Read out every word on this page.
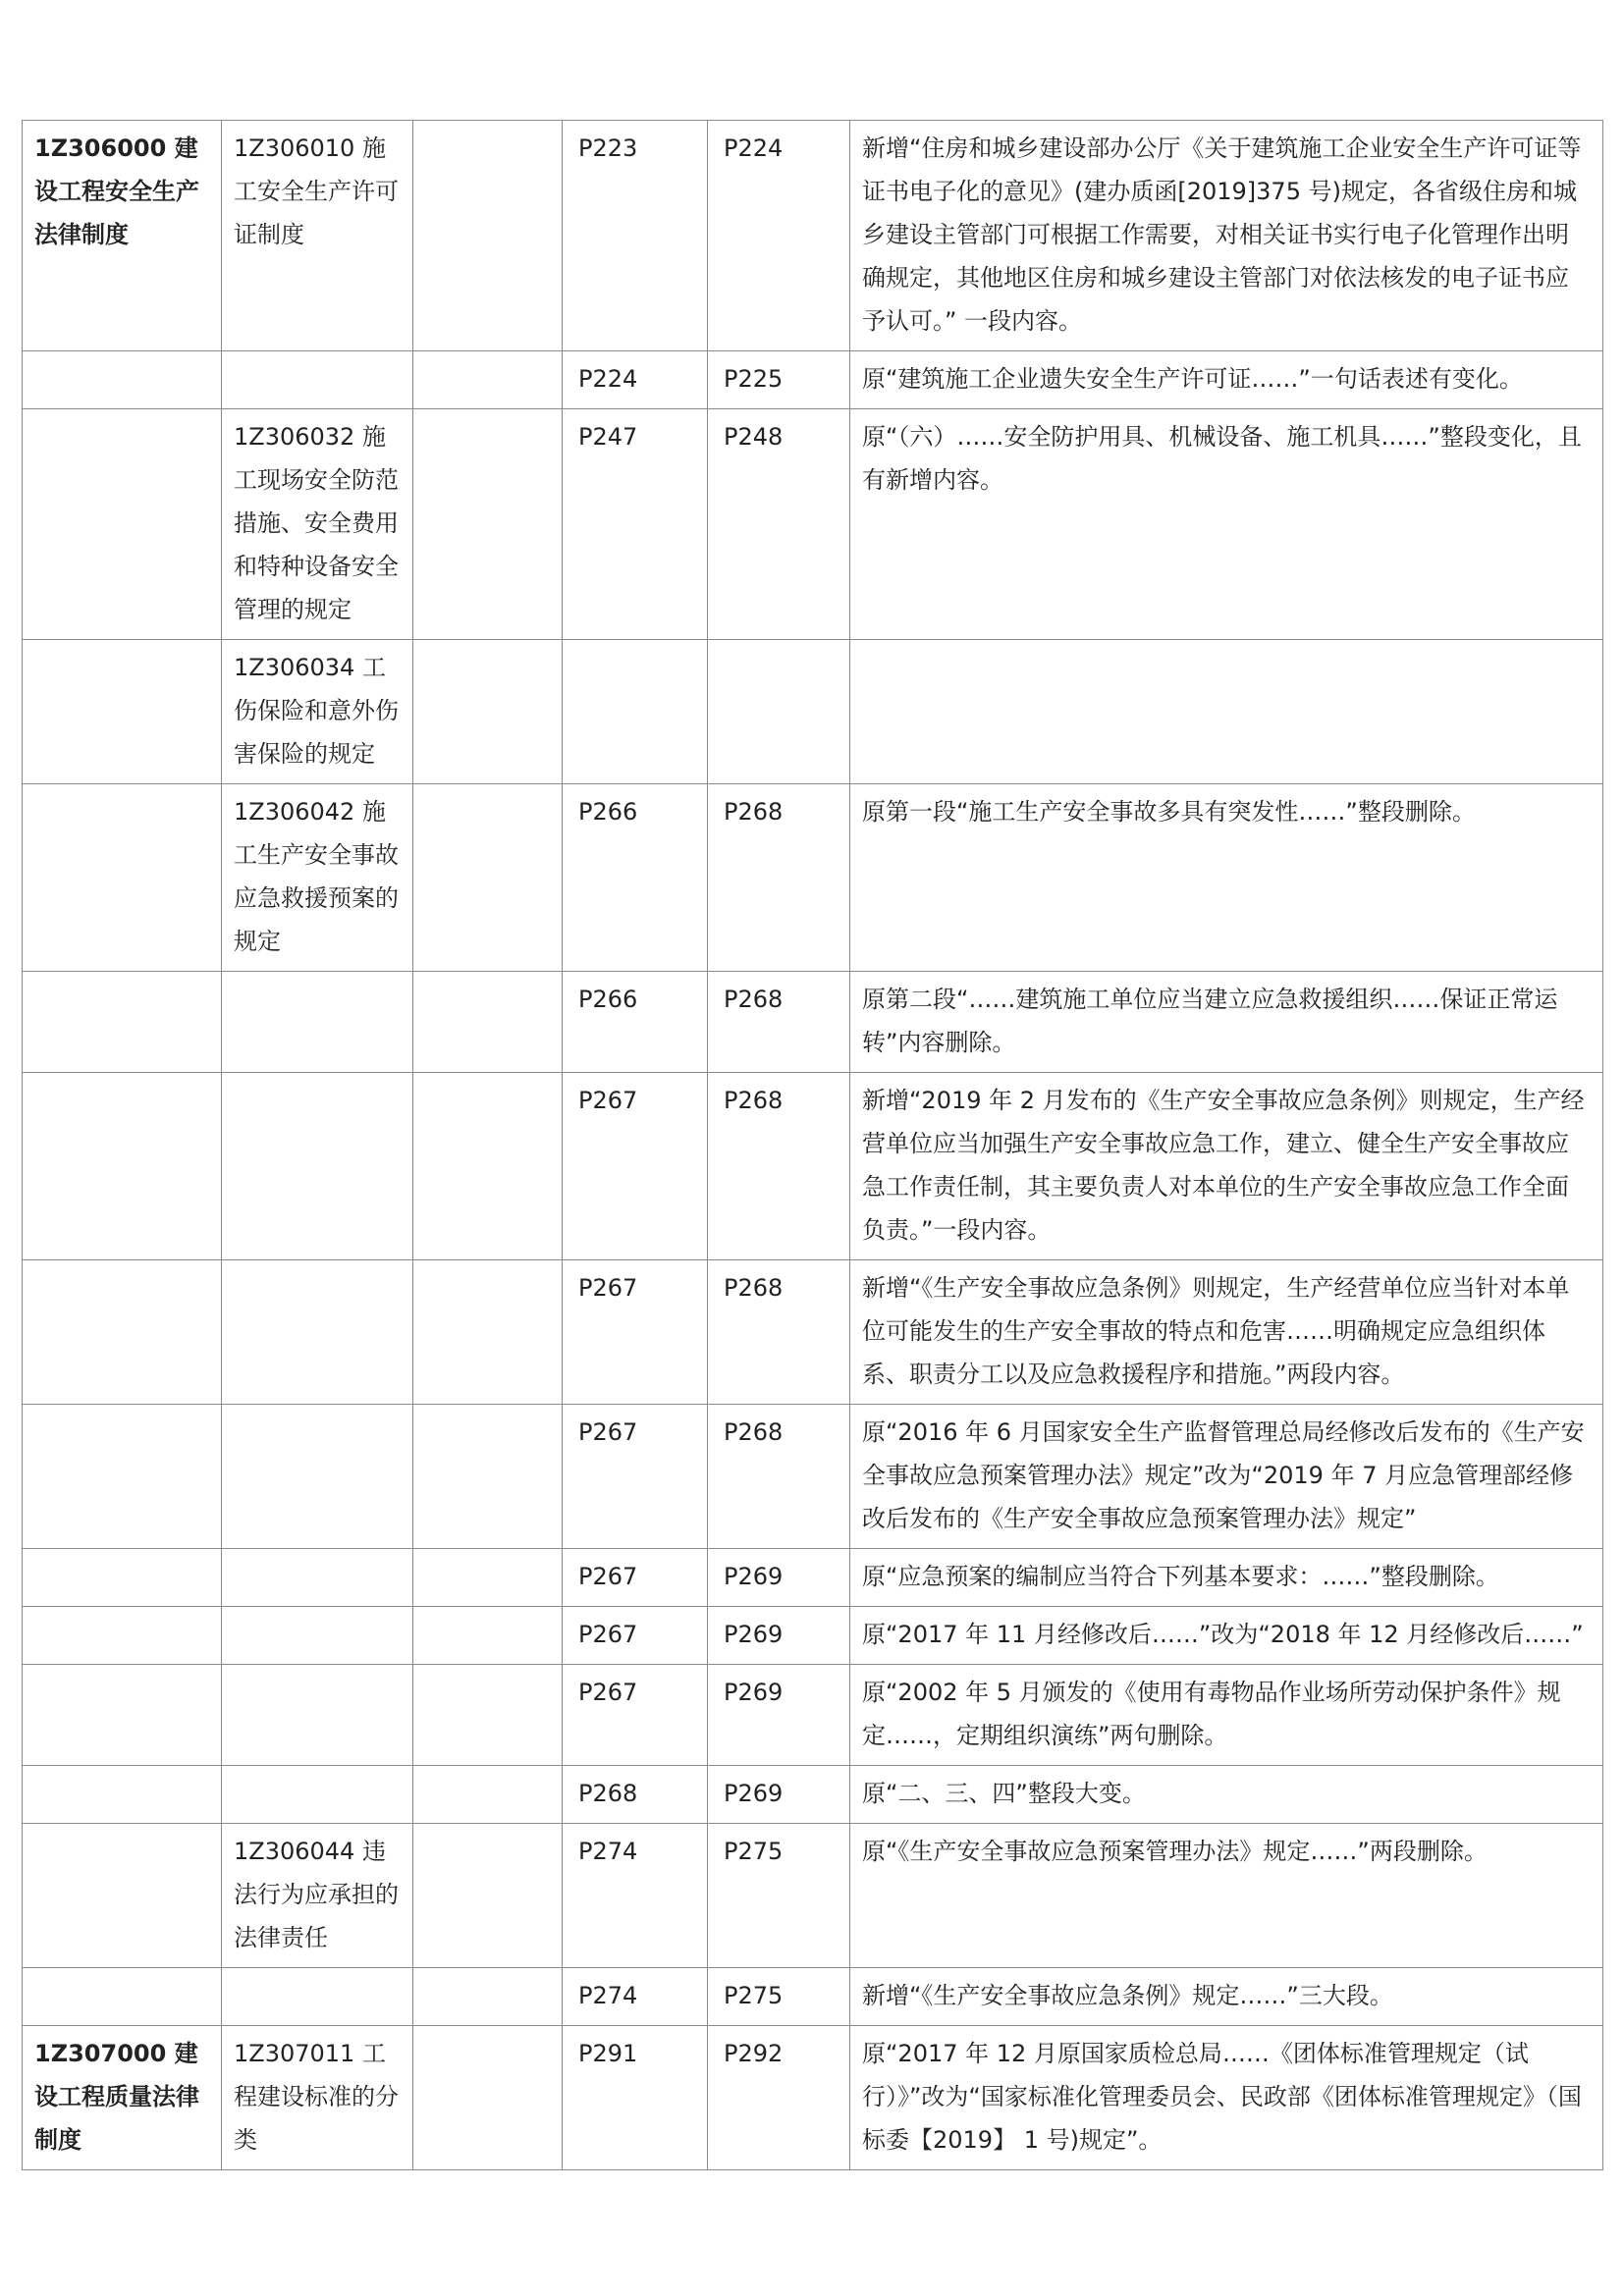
1Z306000 建设工程安全生产法律制度	1Z306010 施工安全生产许可证制度		P223	P224	新增“住房和城乡建设部办公厅《关于建筑施工企业安全生产许可证等证书电子化的意见》(建办质函[2019]375 号)规定，各省级住房和城乡建设主管部门可根据工作需要，对相关证书实行电子化管理作出明确规定，其他地区住房和城乡建设主管部门对依法核发的电子证书应予认可。” 一段内容。
			P224	P225	原“建筑施工企业遗失安全生产许可证……”一句话表述有变化。
	1Z306032 施工现场安全防范措施、安全费用和特种设备安全管理的规定		P247	P248	原“（六）……安全防护用具、机械设备、施工机具……”整段变化，且有新增内容。
	1Z306034 工伤保险和意外伤害保险的规定				
	1Z306042 施工生产安全事故应急救援预案的规定		P266	P268	原第一段“施工生产安全事故多具有突发性……”整段删除。
			P266	P268	原第二段“……建筑施工单位应当建立应急救援组织……保证正常运转”内容删除。
			P267	P268	新增“2019 年 2 月发布的《生产安全事故应急条例》则规定，生产经营单位应当加强生产安全事故应急工作，建立、健全生产安全事故应急工作责任制，其主要负责人对本单位的生产安全事故应急工作全面负责。”一段内容。
			P267	P268	新增“《生产安全事故应急条例》则规定，生产经营单位应当针对本单位可能发生的生产安全事故的特点和危害……明确规定应急组织体系、职责分工以及应急救援程序和措施。”两段内容。
			P267	P268	原“2016 年 6 月国家安全生产监督管理总局经修改后发布的《生产安全事故应急预案管理办法》规定”改为“2019 年 7 月应急管理部经修改后发布的《生产安全事故应急预案管理办法》规定”
			P267	P269	原“应急预案的编制应当符合下列基本要求：……”整段删除。
			P267	P269	原“2017 年 11 月经修改后……”改为“2018 年 12 月经修改后……”
			P267	P269	原“2002 年 5 月颁发的《使用有毒物品作业场所劳动保护条件》规定……，定期组织演练”两句删除。
			P268	P269	原“二、三、四”整段大变。
	1Z306044 违法行为应承担的法律责任		P274	P275	原“《生产安全事故应急预案管理办法》规定……”两段删除。
			P274	P275	新增“《生产安全事故应急条例》规定……”三大段。
1Z307000 建设工程质量法律制度	1Z307011 工程建设标准的分类		P291	P292	原“2017 年 12 月原国家质检总局……《团体标准管理规定（试行）》”改为“国家标准化管理委员会、民政部《团体标准管理规定》（国标委【2019】 1 号)规定”。
